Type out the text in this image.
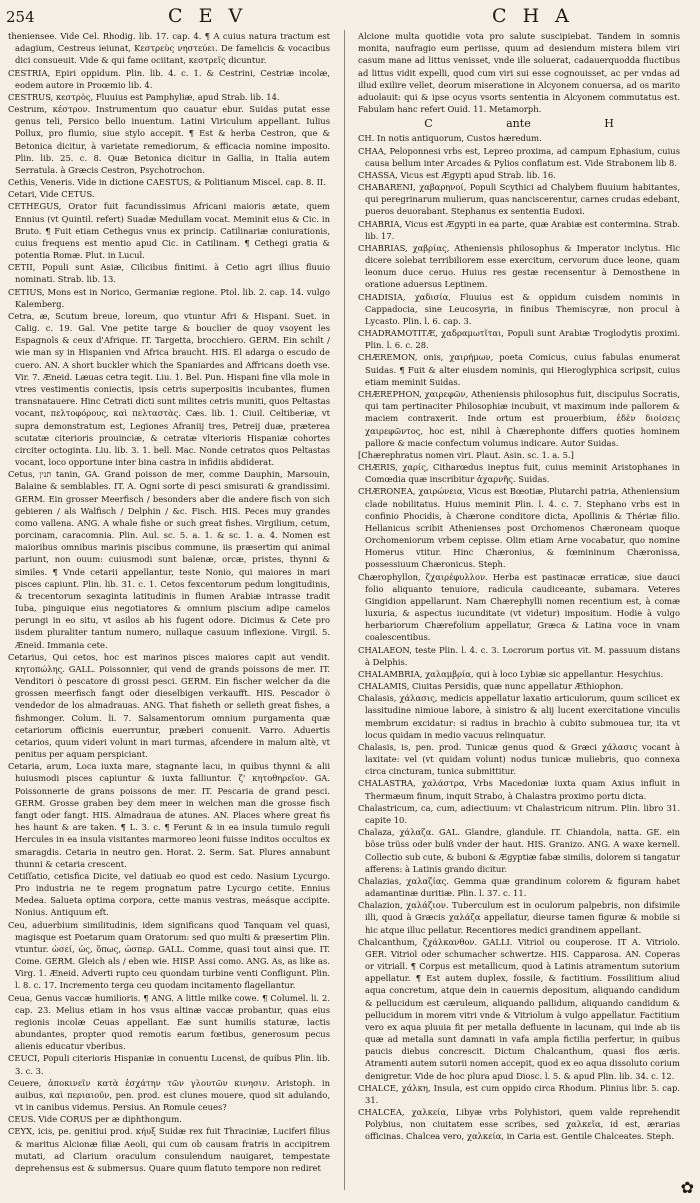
254	C E V	C H A

theniensee. Vide Cel. Rhodig. lib. 17. cap. 4. ¶ A cuius natura tractum est adagium, Cestreus ieiunat, Κεστρεὺς νηστεύει. De famelicis & vocacibus dici consueuit. Vide & qui fame ociitant, κεστρεῖς dicuntur.

CESTRIA, Epiri oppidum. Plin. lib. 4. c. 1. & Cestrini, Cestriæ incolæ, eodem autore in Proœmio lib. 4.

CESTRUS, κεστρὸς, Fluuius est Pamphyliæ, apud Strab. lib. 14.

Cestrum, κέστρον. Instrumentum quo cauatur ebur. Suidas putat esse genus teli, Persico bello inuentum. Latini Viriculum appellant. Iulius Pollux, pro flumio, siue stylo accepit. ¶ Est & herba Cestron, que & Betonica dicitur, à varietate remediorum, & efficacia nomine imposito. Plin. lib. 25. c. 8. Quæ Betonica dicitur in Gallia, in Italia autem Serratula. à Græcis Cestron, Psychotrochon.

Cethis, Veneris. Vide in dictione CAESTUS, & Politianum Miscel. cap. 8. II.

Cetari, Vide CETUS.

CETHEGUS, Orator fuit facundissimus Africani maioris ætate, quem Ennius (vt Quintil. refert) Suadæ Medullam vocat. Meminit eius & Cic. in Bruto. ¶ Fuit etiam Cethegus vnus ex princip. Catilinariæ coniurationis, cuius frequens est mentio apud Cic. in Catilinam. ¶ Cethegi gratia & potentia Romæ. Plut. in Lucul.

CETII, Populi sunt Asiæ, Cilicibus finitimi. à Cetio agri illius fluuio nominati. Strab. lib. 13.

CETIUS, Mons est in Norico, Germaniæ regione. Ptol. lib. 2. cap. 14. vulgo Kalemberg.

Cetra, æ, Scutum breue, loreum, quo vtuntur Afri & Hispani. Suet. in Calig. c. 19. Gal. Vne petite targe & bouclier de quoy vsoyent les Espagnols & ceux d'Afrique. IT. Targetta, brocchiero. GERM. Ein schilt / wie man sy in Hispanien vnd Africa braucht. HIS. El adarga o escudo de cuero. AN. A short buckler which the Spaniardes and Affricans doeth vse. Vir. 7. Æneid. Læuas cetra tegit. Liu. 1. Bel. Pun. Hispani fine vlla mole in vtres vestimentis coniectis, ipsis cetris superpositis incubantes, flumen transnatauere. Hinc Cetrati dicti sunt milites cetris muniti, quos Peltastas vocant, πελτοφόρους, καὶ πελταστὰς. Cæs. lib. 1. Ciuil. Celtiberiæ, vt supra demonstratum est, Legiones Afraniij tres, Petreij duæ, præterea scutatæ citerioris prouinciæ, & cetratæ vlterioris Hispaniæ cohortes circiter octoginta. Liu. lib. 3. 1. bell. Mac. Nonde cetratos quos Peltastas vocant, loco opportune inter bina castra in infidiis abdiderat.

Cetus, תנין tanin, GA. Grand poisson de mer, comme Dauphin, Marsouin, Balaine & semblables. IT. A. Ogni sorte di pesci smisurati & grandissimi. GERM. Ein grosser Meerfisch / besonders aber die andere fisch von sich gebieren / als Walfisch / Delphin / &c. Fisch. HIS. Peces muy grandes como vallena. ANG. A whale fishe or such great fishes. Virgilium, cetum, porcinam, caracomnia. Plin. Aul. sc. 5. a. 1. & sc. 1. a. 4. Nomen est maioribus omnibus marinis piscibus commune, iis præsertim qui animal pariunt, non ouum: cuiusmodi sunt balenæ, orcæ, pristes, thynni & similes. ¶ Vnde cetarii appellantur, teste Nonio, qui maiores in mari pisces capiunt. Plin. lib. 31. c. 1. Cetos fexcentorum pedum longitudinis, & trecentorum sexaginta latitudinis in flumen Arabiæ intrasse tradit Iuba, pinguique eius negotiatores & omnium piscium adipe camelos perungi in eo situ, vt asilos ab his fugent odore. Dicimus & Cete pro iisdem pluraliter tantum numero, nullaque casuum inflexione. Virgil. 5. Æneid. Immania cete.

Cetarius, Qui cetos, hoc est marinos pisces maiores capit aut vendit. κητοπώλης. GALL. Poissonnier, qui vend de grands poissons de mer. IT. Venditori ò pescatore di grossi pesci. GERM. Ein fischer welcher da die grossen meerfisch fangt oder dieselbigen verkaufft. HIS. Pescador ò vendedor de los almadrauas. ANG. That fisheth or selleth great fishes, a fishmonger. Colum. li. 7. Salsamentorum omnium purgamenta quæ cetariorum officinis euerruntur, præberi conuenit. Varro. Aduertis cetarios, quum videri volunt in mari turmas, afcendere in malum altè, vt penitus per aquam perspiciant.

Cetaria, arum, Loca iuxta mare, stagnante lacu, in quibus thynni & alii huiusmodi pisces capiuntur & iuxta falliuntur. ζ' κητοθηρεῖον. GA. Poissonnerie de grans poissons de mer. IT. Pescaria de grand pesci. GERM. Grosse graben bey dem meer in welchen man die grosse fisch fangt oder fangt. HIS. Almadraua de atunes. AN. Places where great fis hes haunt & are taken. ¶ L. 3. c. ¶ Ferunt & in ea insula tumulo reguli Hercules in ea insula visitantes marmoreo leoni fuisse inditos occultos ex smaragdis. Cetaria in neutro gen. Horat. 2. Serm. Sat. Plures annabunt thunni & cetaria crescent.

Cetiſſatio, cetisfica Dicite, vel datiuab eo quod est cedo. Nasium Lycurgo. Pro industria ne te regem prognatum patre Lycurgo cetite. Ennius Medea. Salueta optima corpora, cette manus vestras, meásque accipite. Nonius. Antiquum eft.

Ceu, aduerbium similitudinis, idem significans quod Tanquam vel quasi, magisque est Poetarum quam Oratorum: sed quo multi & præsertim Plin. vtuntur. ὡσεί, ὡς, ὅπως, ὡσπερ. GALL. Comme, quasi tout ainsi que. IT. Come. GERM. Gleich als / eben wie. HISP. Assi como. ANG. As, as like as. Virg. 1. Æneid. Adverti rupto ceu quondam turbine venti Confligunt. Plin. l. 8. c. 17. Incremento terga ceu quodam incitamento flagellantur.

Ceua, Genus vaccæ humilioris. ¶ ANG. A little milke cowe. ¶ Columel. li. 2. cap. 23. Melius etiam in hos vsus altinæ vaccæ probantur, quas eius regionis incolæ Ceuas appellant. Eæ sunt humilis staturæ, lactis abundantes, propter quod remotis earum fœtibus, generosum pecus alienis educatur vberibus.

CEUCI, Populi citerioris Hispaniæ in conuentu Lucensi, de quibus Plin. lib. 3. c. 3.

Ceuere, ἀποκινεῖν κατὰ ἐσχάτην τῶν γλουτῶν κινησιν. Aristoph. in auibus, καὶ περιαιοῦν, pen. prod. est clunes mouere, quod sit adulando, vt in canibus videmus. Persius. An Romule ceues?

CEUS. Vide CORUS per æ diphthongum.

CEYX, icis, pe. genitiui prod. κήυξ Suidæ rex fuit Thraciniæ, Luciferi filius & maritus Alcionæ filiæ Aeoli, qui cum ob causam fratris in accipitrem mutati, ad Clarium oraculum consulendum nauigaret, tempestate deprehensus est & submersus. Quare quum flatuto tempore non rediret

Alcione multa quotidie vota pro salute suscipiebat. Tandem in somnis monita, naufragio eum periisse, quum ad desiendum mistera bilem viri casum mane ad littus venisset, vnde ille soluerat, cadauerquodda fluctibus ad littus vidit expelli, quod cum viri sui esse cognouisset, ac per vndas ad illud exilire vellet, deorum miseratione in Alcyonem conuersa, ad os marito aduolauit: qui & ipse ocyus vsorts sententia in Alcyonem commutatus est. Fabulam hanc refert Ouid. 11. Metamorph.

C	ante	H

CH. In notis antiquorum, Custos hæredum.

CHAA, Peloponnesi vrbs est, Lepreo proxima, ad campum Ephasium, cuius causa bellum inter Arcades & Pylios conflatum est. Vide Strabonem lib 8.

CHASSA, Vicus est Ægypti apud Strab. lib. 16.

CHABARENI, χαβαρηνοί, Populi Scythici ad Chalybem fluuium habitantes, qui peregrinarum mulierum, quas nanciscerentur, carnes crudas edebant, pueros deuorabant. Stephanus ex sententia Eudoxi.

CHABRIA, Vicus est Ægypti in ea parte, quæ Arabiæ est contermina. Strab. lib. 17.

CHABRIAS, χαβρίας, Atheniensis philosophus & Imperator inclytus. Hic dicere solebat terribiliorem esse exercitum, cervorum duce leone, quam leonum duce ceruo. Huius res gestæ recensentur à Demosthene in oratione aduersus Leptinem.

CHADISIA, χαδισία, Fluuius est & oppidum cuisdem nominis in Cappadocia, sine Leucosyria, in finibus Themiscyræ, non procul à Lycasto. Plin. l. 6. cap. 3.

CHADRAMOTITÆ, χαδραμωτῖται, Populi sunt Arabiæ Troglodytis proximi. Plin. l. 6. c. 28.

CHÆREMON, onis, χαιρήμων, poeta Comicus, cuius fabulas enumerat Suidas. ¶ Fuit & alter eiusdem nominis, qui Hieroglyphica scripsit, cuius etiam meminit Suidas.

CHÆREPHON, χαιρεφῶν, Atheniensis philosophus fuit, discipulus Socratis, qui tam pertinaciter Philosophiæ incubuit, vt maximum inde pallorem & maciem contraxerit. Inde ortum est prouerbium, ἐδὲν διοίσεις χαιρεφῶντος, hoc est, nihil à Chærephonte differs quoties hominem pallore & macie confectum volumus indicare. Autor Suidas.

[Chærephratus nomen viri. Plaut. Asin. sc. 1. a. 5.]

CHÆRIS, χαρίς, Citharœdus ineptus fuit, cuius meminit Aristophanes in Comœdia quæ inscribitur ἀχαρνῆς. Suidas.

CHÆRONEA, χαιρώνεια, Vicus est Bœotiæ, Plutarchi patria, Atheniensium clade nobilitatus. Huius meminit Plin. l. 4. c. 7. Stephano vrbs est in confinio Phocidis, à Chærone conditore dicta, Apollinis & Thériæ filio. Hellanicus scribit Athenienses post Orchomenos Chæroneam quoque Orchomeniorum vrbem cepisse. Olim etiam Arne vocabatur, quo nomine Homerus vtitur. Hinc Chæronius, & fœmininum Chæronissa, possessiuum Chæronicus. Steph.

Chærophyllon, ζχαιρέφυλλον. Herba est pastinacæ erraticæ, siue dauci folio aliquanto tenuiore, radicula caudiceante, subamara. Veteres Gingidion appellarunt. Nam Chærephylli nomen recentium est, à comæ luxuria, & aspectus iucunditate (vt videtur) impositum. Hodie à vulgo herbariorum Chærefolium appellatur, Græca & Latina voce in vnam coalescentibus.

CHALAEON, teste Plin. l. 4. c. 3. Locrorum portus vit. M. passuum distans à Delphis.

CHALAMBRIA, χαλαμβρία, qui à loco Lybiæ sic appellantur. Hesychius.

CHALAMIS, Ciuitas Persidis, quæ nunc appellatur Æthiophon.

Chalasis, χάλασις, medicis appellatur laxatio articulorum, quum scilicet ex lassitudine nimioue labore, à sinistro & alij lucent exercitatione vinculis membrum excidatur: si radius in brachio à cubito submouea tur, ita vt locus quidam in medio vacuus relinquatur.

Chalasis, is, pen. prod. Tunicæ genus quod & Græci χάλασις vocant à laxitate: vel (vt quidam volunt) nodus tunicæ muliebris, quo connexa circa cincturam, tunica submittitur.

CHALASTRA, χαλάστρα, Vrbs Macedoniæ iuxta quam Axius influit in Thermæum finum, inquit Strabo, à Chalastra proximo portu dicta.

Chalastricum, ca, cum, adiectiuum: vt Chalastricum nitrum. Plin. libro 31. capite 10.

Chalaza, χάλαζα. GAL. Glandre, glandule. IT. Chiandola, natta. GE. ein böse trüss oder bulß vnder der haut. HIS. Granizo. ANG. A waxe kernell. Collectio sub cute, & buboni & Ægyptiæ fabæ similis, dolorem si tangatur afferens: à Latinis grando dicitur.

Chalazias, χαλαζίας. Gemma quæ grandinum colorem & figuram habet adamantinæ duritiæ. Plin. l. 37. c. 11.

Chalazion, χαλάζιον. Tuberculum est in oculorum palpebris, non difsimile illi, quod à Græcis χαλάζα appellatur, dieurse tamen figuræ & mobile si hic atque illuc pellatur. Recentiores medici grandinem appellant.

Chalcanthum, ζχάλκανθον. GALLI. Vitriol ou couperose. IT A. Vitriolo. GER. Vitriol oder schumacher schwertze. HIS. Capparosa. AN. Coperas or vitriall. ¶ Corpus est metallicum, quod à Latinis atramentum sutorium appellatur. ¶ Est autem duplex, fossile, & factitium. Fossilitium aliud aqua concretum, atque dein in cauernis depositum, aliquando candidum & pellucidum est cæruleum, aliquando pallidum, aliquando candidum & pellucidum in morem vitri vnde & Vitriolum à vulgo appellatur. Factitium vero ex aqua pluuia fit per metalla defluente in lacunam, qui inde ab iis quæ ad metalla sunt damnati in vafa ampla fictilia perfertur, in quibus paucis diebus concrescit. Dictum Chalcanthum, quasi flos æris. Atramenti autem sutorii nomen accepit, quod ex eo aqua dissoluto corium denigretur. Vide de hoc plura apud Diosc. l. 5. & apud Plin. lib. 34. c. 12.

CHALCE, χάλκη, Insula, est cum oppido circa Rhodum. Plinius libr. 5. cap. 31.

CHALCEA, χαλκεία, Libyæ vrbs Polyhistori, quem valde reprehendit Polybius, non ciuitatem esse scribes, sed χαλκεῖα, id est, ærarias officinas. Chalcea vero, χαλκεία, in Caria est. Gentile Chalceates. Steph.

✿
